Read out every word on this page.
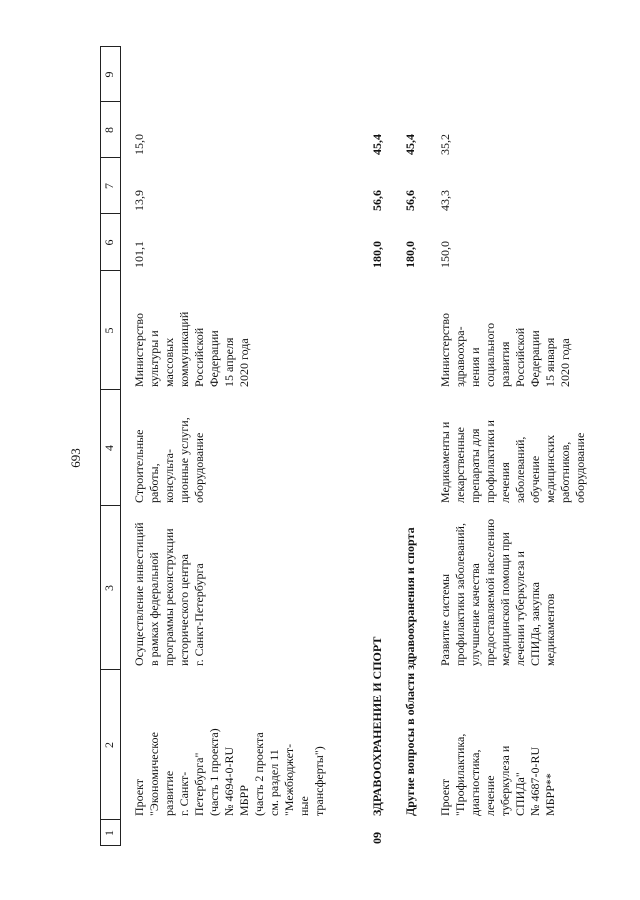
693
1
2
3
4
5
6
7
8
9
Проект
"Экономическое
развитие
г. Санкт-
Петербурга"
(часть 1 проекта)
№ 4694-0-RU
МБРР
(часть 2 проекта
см. раздел 11
"Межбюджет-
ные
трансферты")
Осуществление инвестиций
в рамках федеральной
программы реконструкции
исторического центра
г. Санкт-Петербурга
Строительные
работы,
консульта-
ционные услуги,
оборудование
Министерство
культуры и
массовых
коммуникаций
Российской
Федерации
15 апреля
2020 года
101,1
13,9
15,0
09
ЗДРАВООХРАНЕНИЕ И СПОРТ
180,0
56,6
45,4
Другие вопросы в области здравоохранения и спорта
180,0
56,6
45,4
Проект
"Профилактика,
диагностика,
лечение
туберкулеза и
СПИДа"
№ 4687-0-RU
МБРР**
Развитие системы
профилактики заболеваний,
улучшение качества
предоставляемой населению
медицинской помощи при
лечении туберкулеза и
СПИДа, закупка
медикаментов
Медикаменты и
лекарственные
препараты для
профилактики и
лечения
заболеваний,
обучение
медицинских
работников,
оборудование
Министерство
здравоохра-
нения и
социального
развития
Российской
Федерации
15 января
2020 года
150,0
43,3
35,2
